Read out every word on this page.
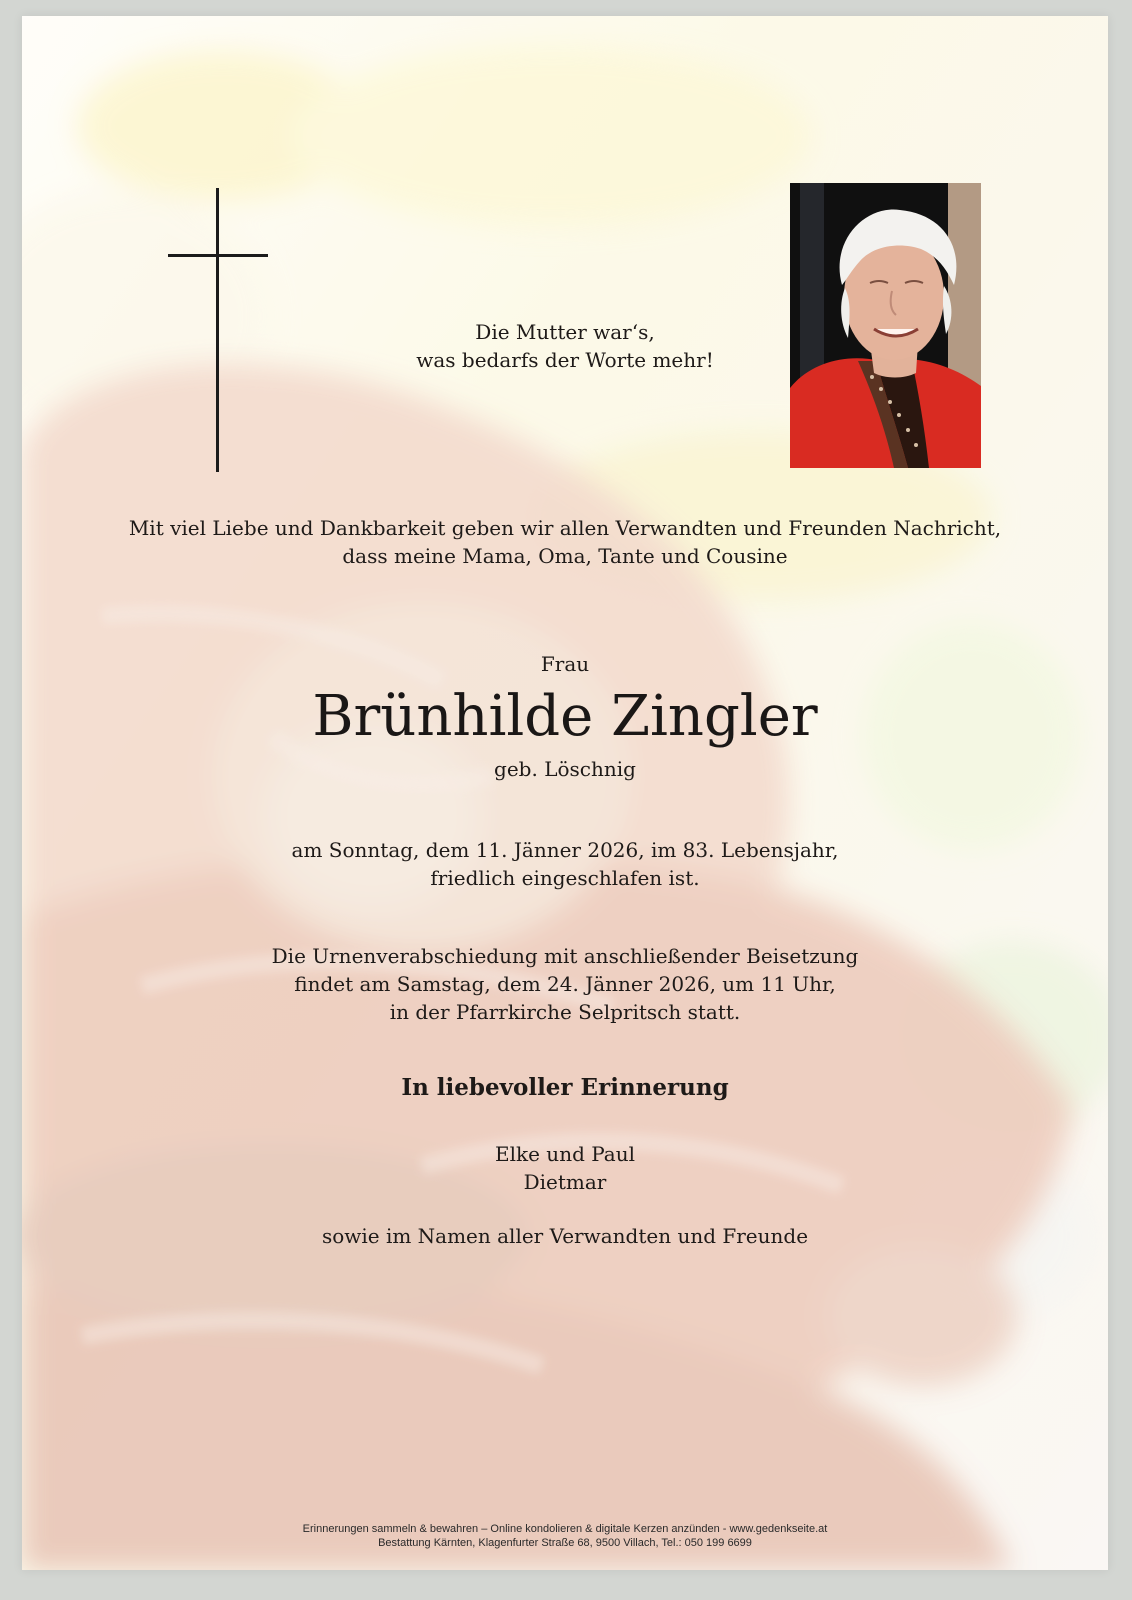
Die Mutter war‘s,
was bedarfs der Worte mehr!
Mit viel Liebe und Dankbarkeit geben wir allen Verwandten und Freunden Nachricht,
dass meine Mama, Oma, Tante und Cousine
Frau
Brünhilde Zingler
geb. Löschnig
am Sonntag, dem 11. Jänner 2026, im 83. Lebensjahr,
friedlich eingeschlafen ist.
Die Urnenverabschiedung mit anschließender Beisetzung
findet am Samstag, dem 24. Jänner 2026, um 11 Uhr,
in der Pfarrkirche Selpritsch statt.
In liebevoller Erinnerung
Elke und Paul
Dietmar
sowie im Namen aller Verwandten und Freunde
Erinnerungen sammeln & bewahren – Online kondolieren & digitale Kerzen anzünden - www.gedenkseite.at
Bestattung Kärnten, Klagenfurter Straße 68, 9500 Villach, Tel.: 050 199 6699
